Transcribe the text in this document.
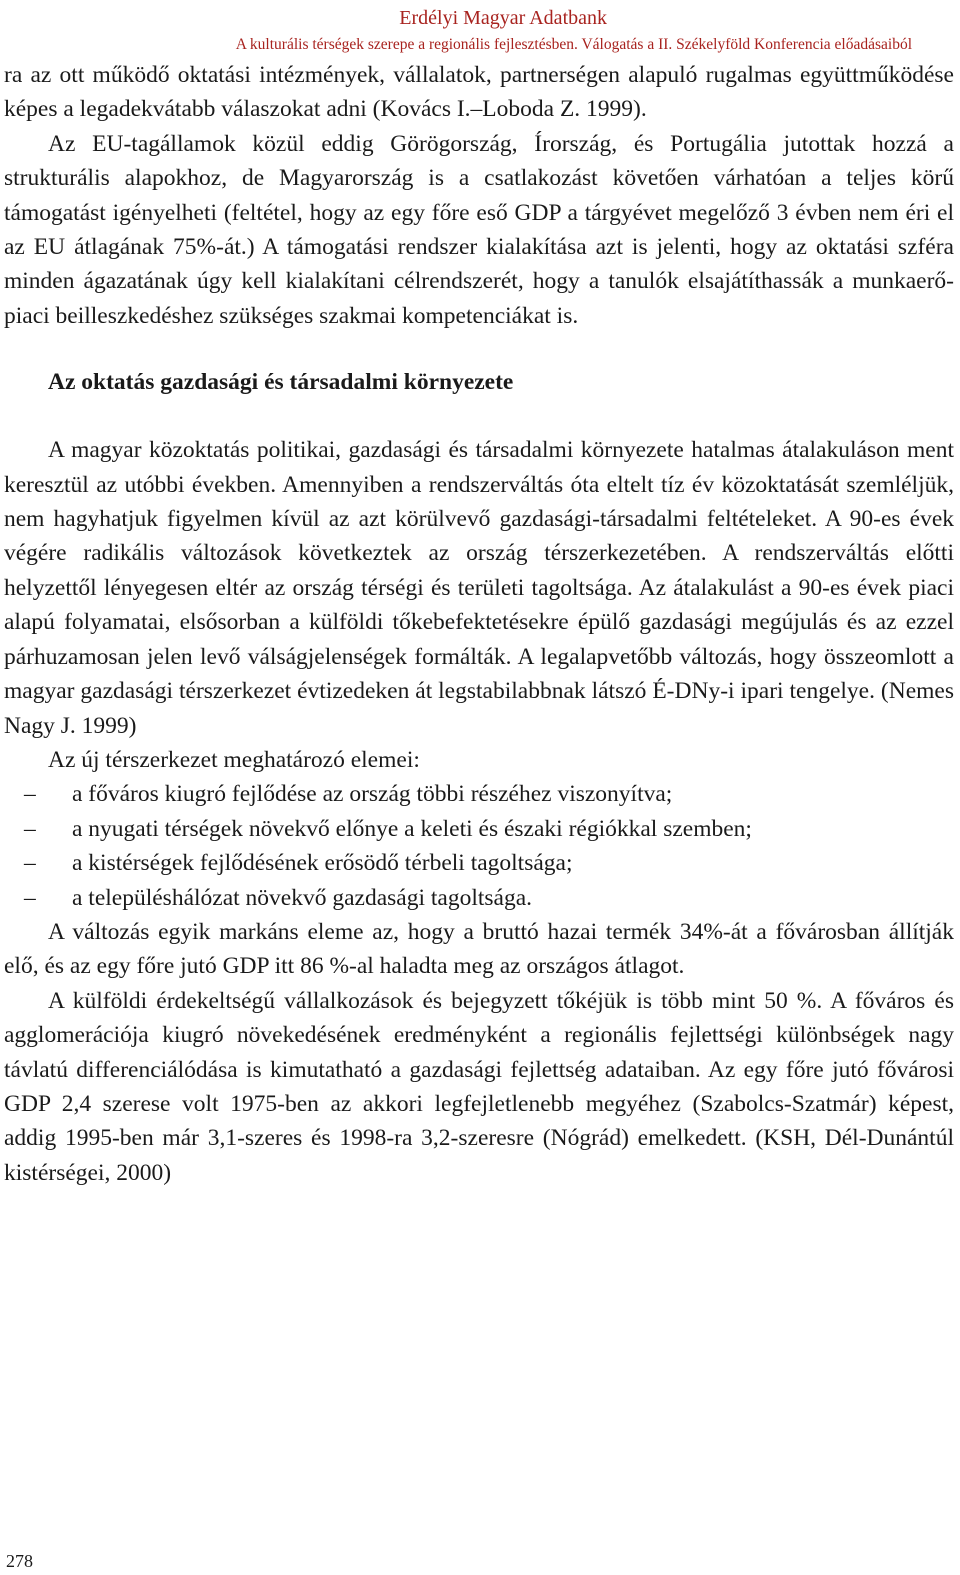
Erdélyi Magyar Adatbank
A kulturális térségek szerepe a regionális fejlesztésben. Válogatás a II. Székelyföld Konferencia előadásaiból

ra az ott működő oktatási intézmények, vállalatok, partnerségen alapuló rugalmas együttműködése képes a legadekvátabb válaszokat adni (Kovács I.–Loboda Z. 1999).

Az EU-tagállamok közül eddig Görögország, Írország, és Portugália jutottak hozzá a strukturális alapokhoz, de Magyarország is a csatlakozást követően várhatóan a teljes körű támogatást igényelheti (feltétel, hogy az egy főre eső GDP a tárgyévet megelőző 3 évben nem éri el az EU átlagának 75%-át.) A támogatási rendszer kialakítása azt is jelenti, hogy az oktatási szféra minden ágazatának úgy kell kialakítani célrendszerét, hogy a tanulók elsajátíthassák a munkaerő-piaci beilleszkedéshez szükséges szakmai kompetenciákat is.

Az oktatás gazdasági és társadalmi környezete

A magyar közoktatás politikai, gazdasági és társadalmi környezete hatalmas átalakuláson ment keresztül az utóbbi években. Amennyiben a rendszerváltás óta eltelt tíz év közoktatását szemléljük, nem hagyhatjuk figyelmen kívül az azt körülvevő gazdasági-társadalmi feltételeket. A 90-es évek végére radikális változások következtek az ország térszerkezetében. A rendszerváltás előtti helyzettől lényegesen eltér az ország térségi és területi tagoltsága. Az átalakulást a 90-es évek piaci alapú folyamatai, elsősorban a külföldi tőkebefektetésekre épülő gazdasági megújulás és az ezzel párhuzamosan jelen levő válságjelenségek formálták. A legalapvetőbb változás, hogy összeomlott a magyar gazdasági térszerkezet évtizedeken át legstabilabbnak látszó É-DNy-i ipari tengelye. (Nemes Nagy J. 1999)

Az új térszerkezet meghatározó elemei:

– a főváros kiugró fejlődése az ország többi részéhez viszonyítva;
– a nyugati térségek növekvő előnye a keleti és északi régiókkal szemben;
– a kistérségek fejlődésének erősödő térbeli tagoltsága;
– a településhálózat növekvő gazdasági tagoltsága.

A változás egyik markáns eleme az, hogy a bruttó hazai termék 34%-át a fővárosban állítják elő, és az egy főre jutó GDP itt 86 %-al haladta meg az országos átlagot.

A külföldi érdekeltségű vállalkozások és bejegyzett tőkéjük is több mint 50 %. A főváros és agglomerációja kiugró növekedésének eredményként a regionális fejlettségi különbségek nagy távlatú differenciálódása is kimutatható a gazdasági fejlettség adataiban. Az egy főre jutó fővárosi GDP 2,4 szerese volt 1975-ben az akkori legfejletlenebb megyéhez (Szabolcs-Szatmár) képest, addig 1995-ben már 3,1-szeres és 1998-ra 3,2-szeresre (Nógrád) emelkedett. (KSH, Dél-Dunántúl kistérségei, 2000)

278
